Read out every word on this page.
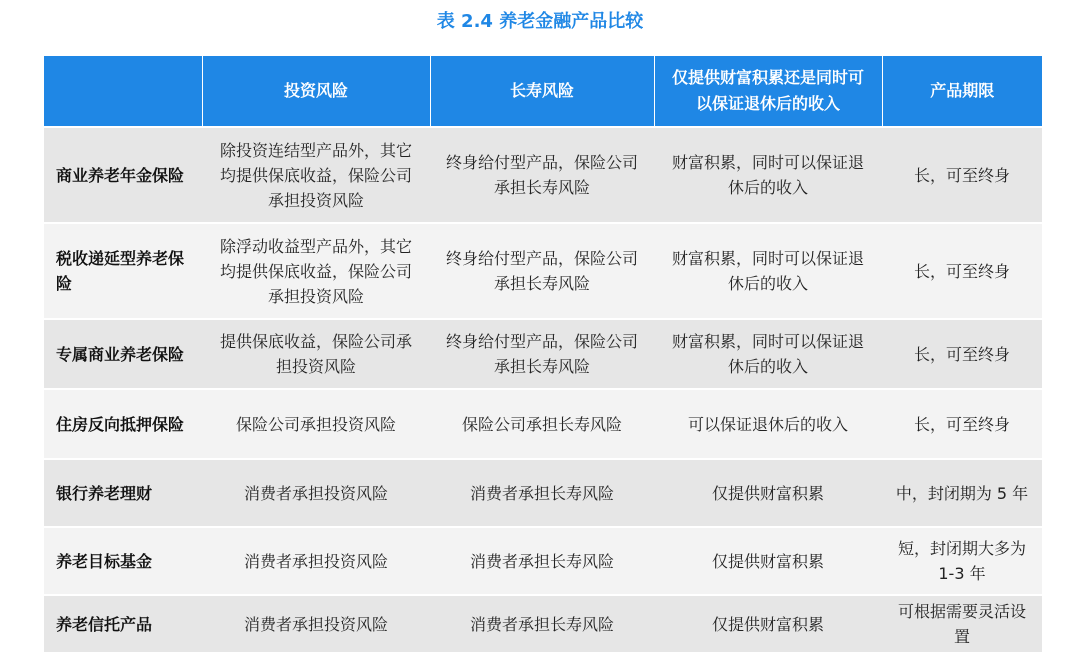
表 2.4 养老金融产品比较
	投资风险	长寿风险	仅提供财富积累还是同时可以保证退休后的收入	产品期限
商业养老年金保险	除投资连结型产品外，其它均提供保底收益，保险公司承担投资风险	终身给付型产品，保险公司承担长寿风险	财富积累，同时可以保证退休后的收入	长，可至终身
税收递延型养老保险	除浮动收益型产品外，其它均提供保底收益，保险公司承担投资风险	终身给付型产品，保险公司承担长寿风险	财富积累，同时可以保证退休后的收入	长，可至终身
专属商业养老保险	提供保底收益，保险公司承担投资风险	终身给付型产品，保险公司承担长寿风险	财富积累，同时可以保证退休后的收入	长，可至终身
住房反向抵押保险	保险公司承担投资风险	保险公司承担长寿风险	可以保证退休后的收入	长，可至终身
银行养老理财	消费者承担投资风险	消费者承担长寿风险	仅提供财富积累	中，封闭期为 5 年
养老目标基金	消费者承担投资风险	消费者承担长寿风险	仅提供财富积累	短，封闭期大多为 1-3 年
养老信托产品	消费者承担投资风险	消费者承担长寿风险	仅提供财富积累	可根据需要灵活设置
